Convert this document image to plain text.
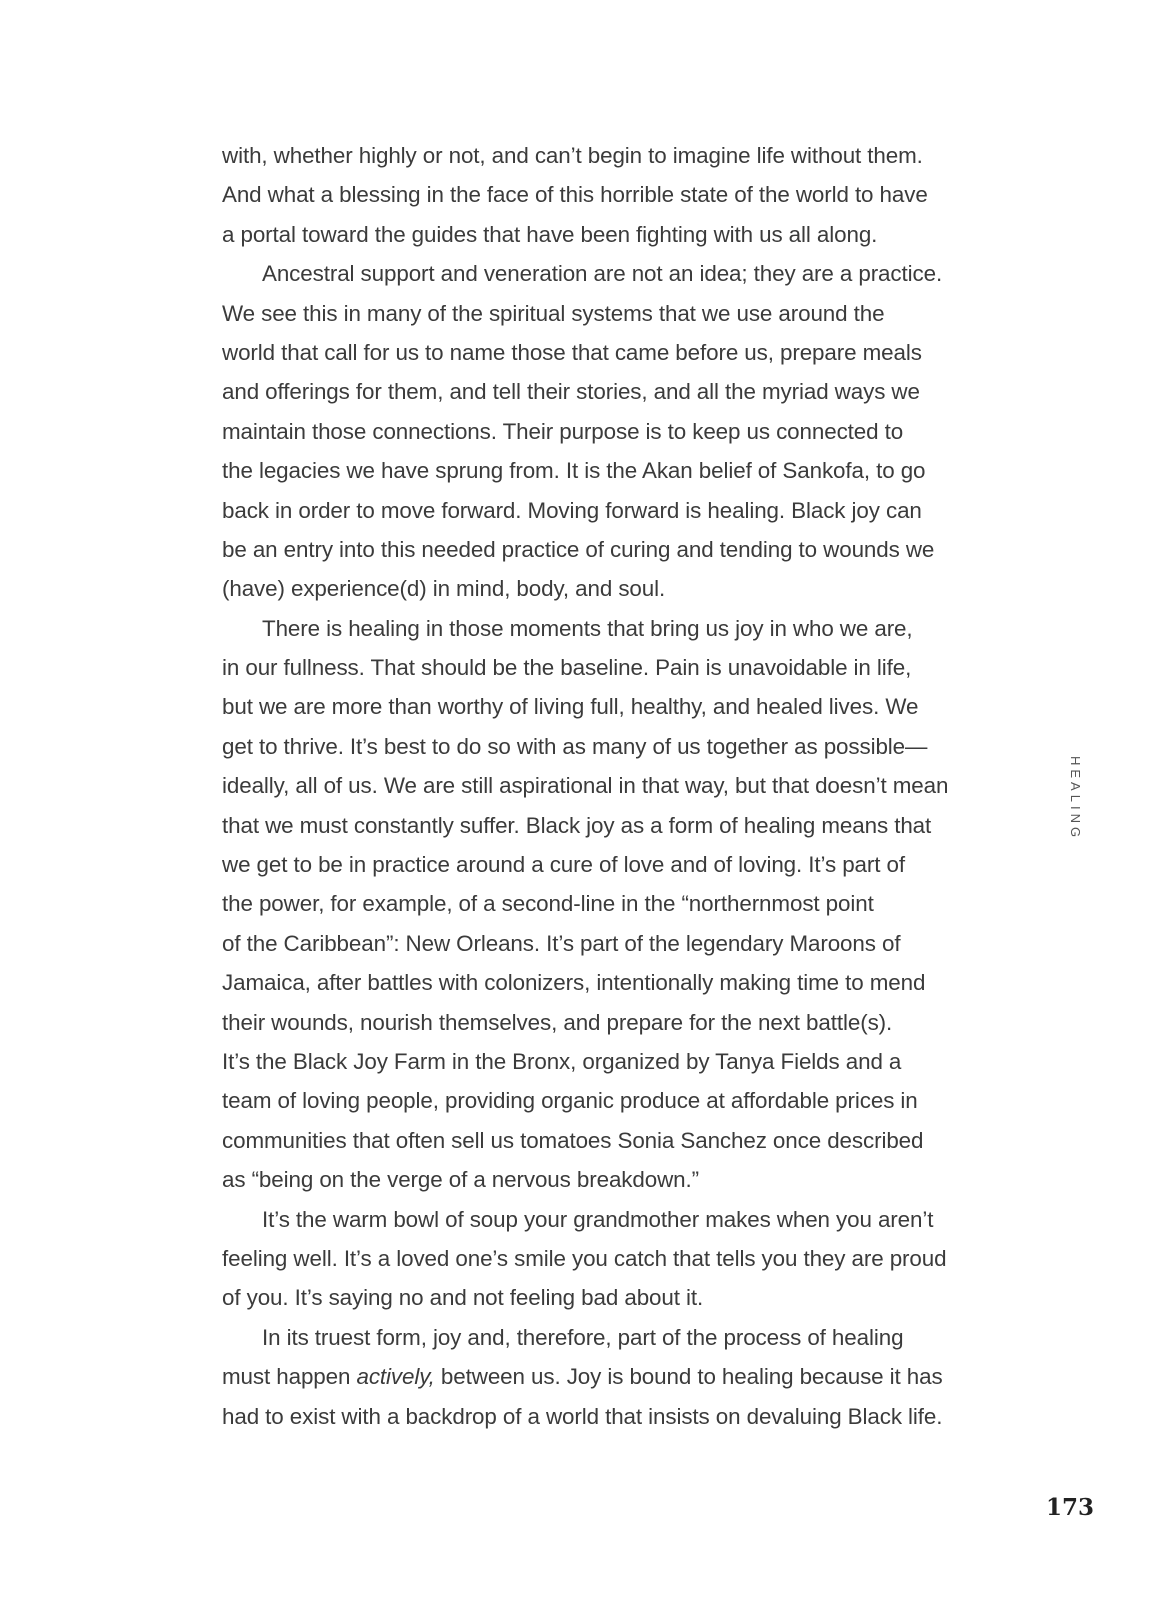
with, whether highly or not, and can’t begin to imagine life without them.
And what a blessing in the face of this horrible state of the world to have
a portal toward the guides that have been fighting with us all along.
Ancestral support and veneration are not an idea; they are a practice.
We see this in many of the spiritual systems that we use around the
world that call for us to name those that came before us, prepare meals
and offerings for them, and tell their stories, and all the myriad ways we
maintain those connections. Their purpose is to keep us connected to
the legacies we have sprung from. It is the Akan belief of Sankofa, to go
back in order to move forward. Moving forward is healing. Black joy can
be an entry into this needed practice of curing and tending to wounds we
(have) experience(d) in mind, body, and soul.
There is healing in those moments that bring us joy in who we are,
in our fullness. That should be the baseline. Pain is unavoidable in life,
but we are more than worthy of living full, healthy, and healed lives. We
get to thrive. It’s best to do so with as many of us together as possible—
ideally, all of us. We are still aspirational in that way, but that doesn’t mean
that we must constantly suffer. Black joy as a form of healing means that
we get to be in practice around a cure of love and of loving. It’s part of
the power, for example, of a second-line in the “northernmost point
of the Caribbean”: New Orleans. It’s part of the legendary Maroons of
Jamaica, after battles with colonizers, intentionally making time to mend
their wounds, nourish themselves, and prepare for the next battle(s).
It’s the Black Joy Farm in the Bronx, organized by Tanya Fields and a
team of loving people, providing organic produce at affordable prices in
communities that often sell us tomatoes Sonia Sanchez once described
as “being on the verge of a nervous breakdown.”
It’s the warm bowl of soup your grandmother makes when you aren’t
feeling well. It’s a loved one’s smile you catch that tells you they are proud
of you. It’s saying no and not feeling bad about it.
In its truest form, joy and, therefore, part of the process of healing
must happen actively, between us. Joy is bound to healing because it has
had to exist with a backdrop of a world that insists on devaluing Black life.
HEALING
173
